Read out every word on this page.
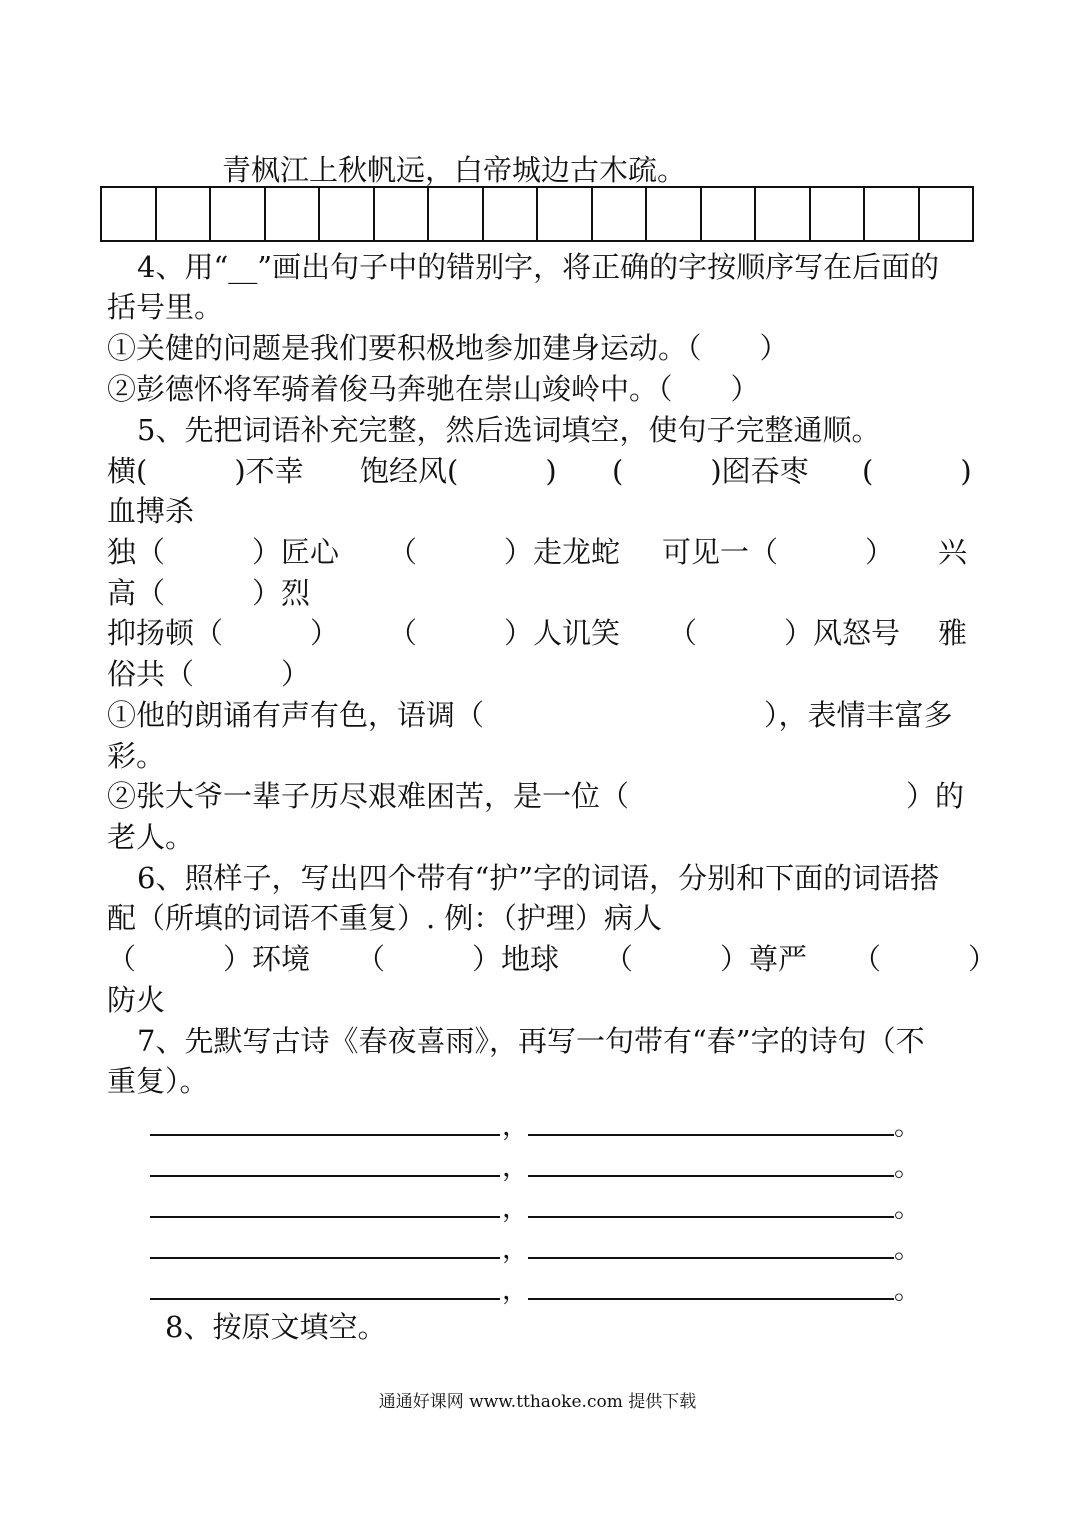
青枫江上秋帆远，白帝城边古木疏。
4、用“__”画出句子中的错别字，将正确的字按顺序写在后面的
括号里。
①关健的问题是我们要积极地参加建身运动。（　　）
②彭德怀将军骑着俊马奔驰在崇山竣岭中。（　　）
5、先把词语补充完整，然后选词填空，使句子完整通顺。
横(　　　)不幸 饱经风(　　　) (　　　)囵吞枣 (　　　)
血搏杀
独（　　　）匠心 （　　　）走龙蛇 可见一（　　　） 兴
高（　　　）烈
抑扬顿（　　　） （　　　）人讥笑 （　　　）风怒号 雅
俗共（　　　）
①他的朗诵有声有色，语调（	），表情丰富多
彩。
②张大爷一辈子历尽艰难困苦，是一位（	）的
老人。
6、照样子，写出四个带有“护”字的词语，分别和下面的词语搭
配（所填的词语不重复）. 例：（护理）病人
（　　　）环境 （　　　）地球 （　　　）尊严 （　　　）
防火
7、先默写古诗《春夜喜雨》，再写一句带有“春”字的诗句（不
重复）。
，	。
，	。
，	。
，	。
，	。
8、按原文填空。
通通好课网 www.tthaoke.com 提供下载
